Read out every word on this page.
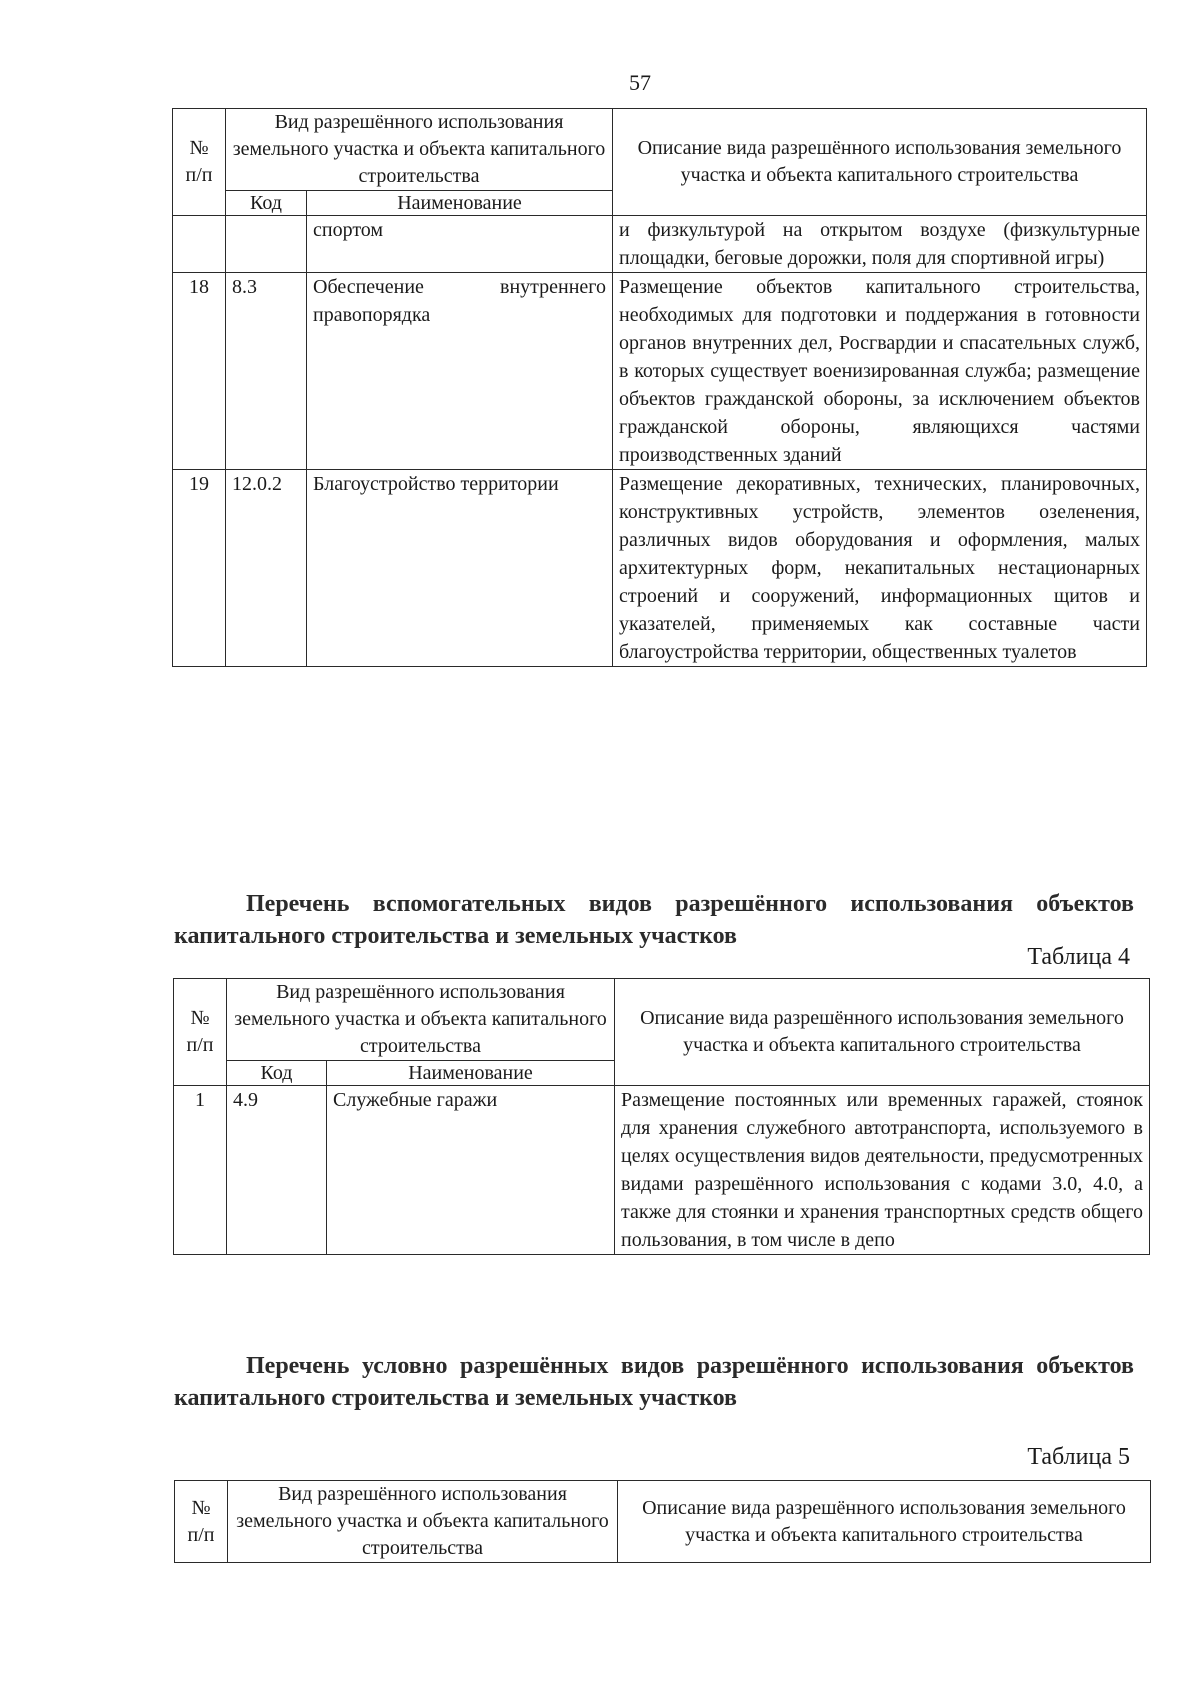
57
№ п/п	Вид разрешённого использования земельного участка и объекта капитального строительства		Описание вида разрешённого использования земельного участка и объекта капитального строительства
	Код	Наименование	
		спортом	и физкультурой на открытом воздухе (физкультурные площадки, беговые дорожки, поля для спортивной игры)
18	8.3	Обеспечение внутреннего правопорядка	Размещение объектов капитального строительства, необходимых для подготовки и поддержания в готовности органов внутренних дел, Росгвардии и спасательных служб, в которых существует военизированная служба; размещение объектов гражданской обороны, за исключением объектов гражданской обороны, являющихся частями производственных зданий
19	12.0.2	Благоустройство территории	Размещение декоративных, технических, планировочных, конструктивных устройств, элементов озеленения, различных видов оборудования и оформления, малых архитектурных форм, некапитальных нестационарных строений и сооружений, информационных щитов и указателей, применяемых как составные части благоустройства территории, общественных туалетов
Перечень вспомогательных видов разрешённого использования объектов капитального строительства и земельных участков
Таблица 4
№ п/п	Вид разрешённого использования земельного участка и объекта капитального строительства		Описание вида разрешённого использования земельного участка и объекта капитального строительства
	Код	Наименование	
1	4.9	Служебные гаражи	Размещение постоянных или временных гаражей, стоянок для хранения служебного автотранспорта, используемого в целях осуществления видов деятельности, предусмотренных видами разрешённого использования с кодами 3.0, 4.0, а также для стоянки и хранения транспортных средств общего пользования, в том числе в депо
Перечень условно разрешённых видов разрешённого использования объектов капитального строительства и земельных участков
Таблица 5
№ п/п	Вид разрешённого использования земельного участка и объекта капитального строительства	Описание вида разрешённого использования земельного участка и объекта капитального строительства
